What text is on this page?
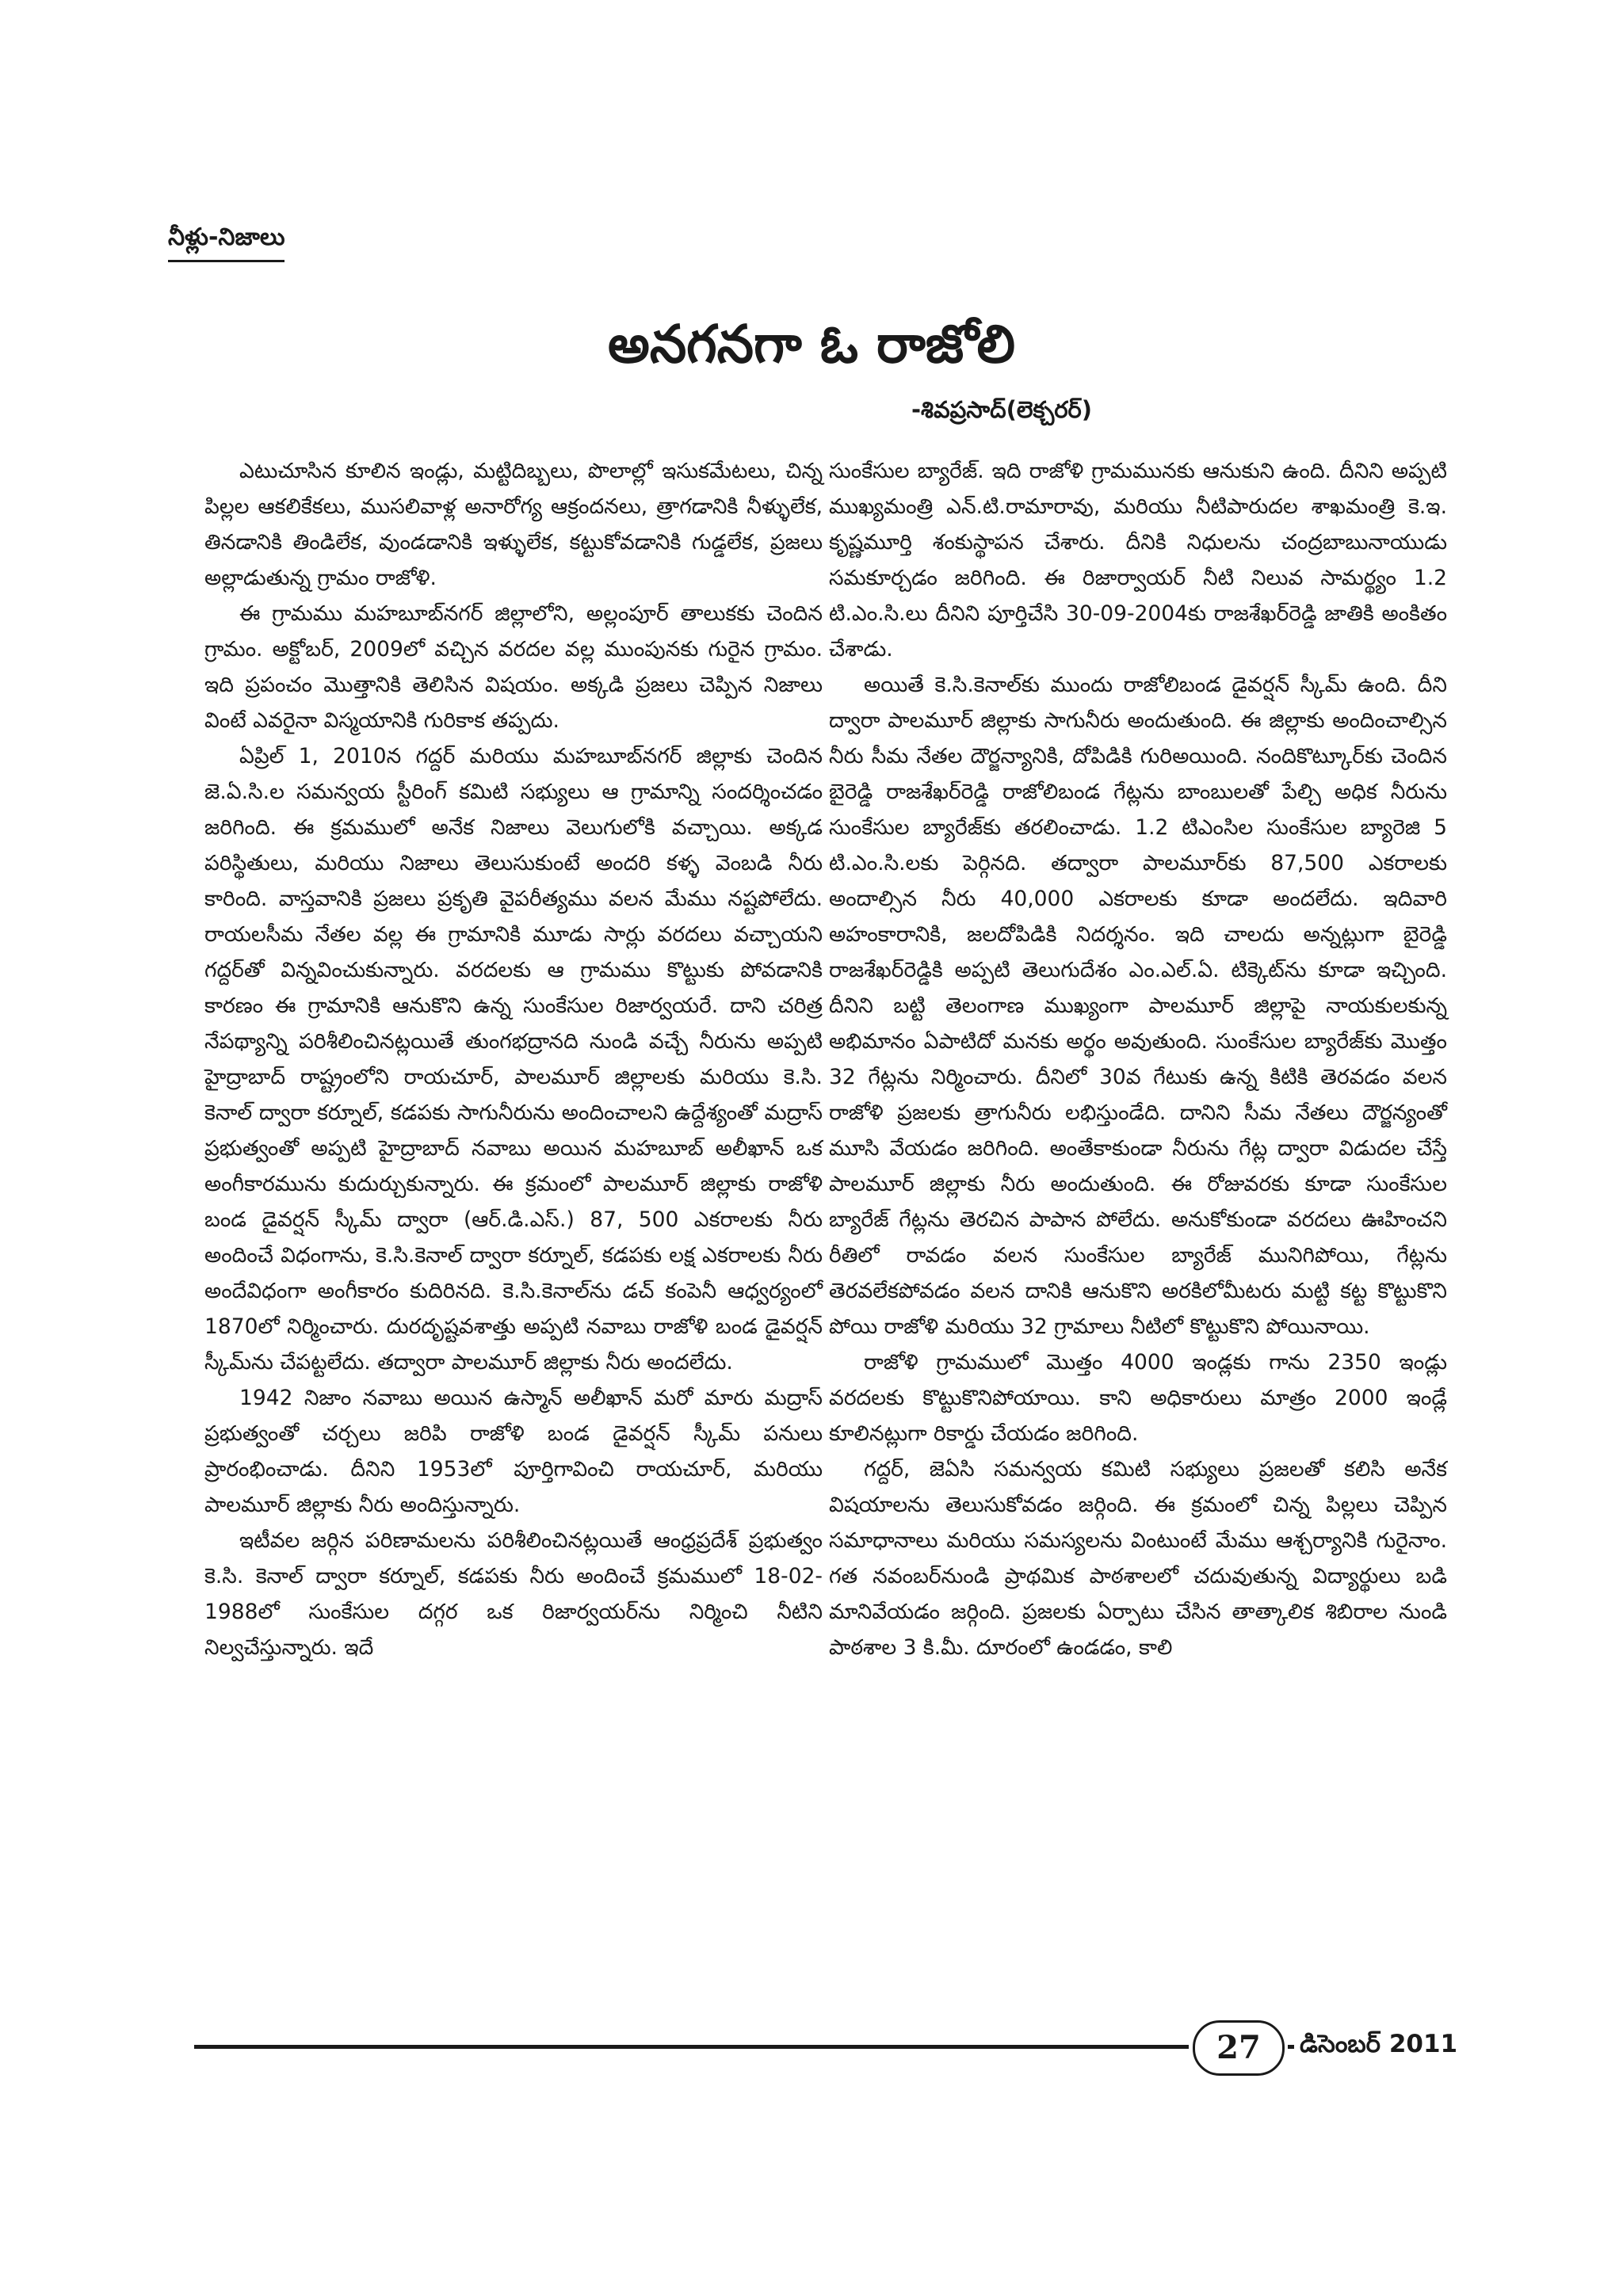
నీళ్లు-నిజాలు
అనగనగా ఓ రాజోలి
-శివప్రసాద్(లెక్చరర్)

ఎటుచూసిన కూలిన ఇండ్లు, మట్టిదిబ్బలు, పొలాల్లో ఇసుకమేటలు, చిన్న పిల్లల ఆకలికేకలు, ముసలివాళ్ల అనారోగ్య ఆక్రందనలు, త్రాగడానికి నీళ్ళులేక, తినడానికి తిండిలేక, వుండడానికి ఇళ్ళులేక, కట్టుకోవడానికి గుడ్డలేక, ప్రజలు అల్లాడుతున్న గ్రామం రాజోళి.

ఈ గ్రామము మహబూబ్‌నగర్ జిల్లాలోని, అల్లంపూర్ తాలుకకు చెందిన గ్రామం. అక్టోబర్, 2009లో వచ్చిన వరదల వల్ల ముంపునకు గురైన గ్రామం. ఇది ప్రపంచం మొత్తానికి తెలిసిన విషయం. అక్కడి ప్రజలు చెప్పిన నిజాలు వింటే ఎవరైనా విస్మయానికి గురికాక తప్పదు.

ఏప్రిల్ 1, 2010న గద్దర్ మరియు మహబూబ్‌నగర్ జిల్లాకు చెందిన జె.ఏ.సి.ల సమన్వయ స్టీరింగ్ కమిటి సభ్యులు ఆ గ్రామాన్ని సందర్శించడం జరిగింది. ఈ క్రమములో అనేక నిజాలు వెలుగులోకి వచ్చాయి. అక్కడ పరిస్థితులు, మరియు నిజాలు తెలుసుకుంటే అందరి కళ్ళ వెంబడి నీరు కారింది. వాస్తవానికి ప్రజలు ప్రకృతి వైపరీత్యము వలన మేము నష్టపోలేదు. రాయలసీమ నేతల వల్ల ఈ గ్రామానికి మూడు సార్లు వరదలు వచ్చాయని గద్దర్‌తో విన్నవించుకున్నారు. వరదలకు ఆ గ్రామము కొట్టుకు పోవడానికి కారణం ఈ గ్రామానికి ఆనుకొని ఉన్న సుంకేసుల రిజార్వయరే. దాని చరిత్ర నేపథ్యాన్ని పరిశీలించినట్లయితే తుంగభద్రానది నుండి వచ్చే నీరును అప్పటి హైద్రాబాద్ రాష్ట్రంలోని రాయచూర్, పాలమూర్ జిల్లాలకు మరియు కె.సి. కెనాల్ ద్వారా కర్నూల్, కడపకు సాగునీరును అందించాలని ఉద్దేశ్యంతో మద్రాస్ ప్రభుత్వంతో అప్పటి హైద్రాబాద్ నవాబు అయిన మహబూబ్ అలీఖాన్ ఒక అంగీకారమును కుదుర్చుకున్నారు. ఈ క్రమంలో పాలమూర్ జిల్లాకు రాజోళి బండ డైవర్షన్ స్కీమ్ ద్వారా (ఆర్.డి.ఎస్.) 87, 500 ఎకరాలకు నీరు అందించే విధంగాను, కె.సి.కెనాల్ ద్వారా కర్నూల్, కడపకు లక్ష ఎకరాలకు నీరు అందేవిధంగా అంగీకారం కుదిరినది. కె.సి.కెనాల్‌ను డచ్ కంపెనీ ఆధ్వర్యంలో 1870లో నిర్మించారు. దురదృష్టవశాత్తు అప్పటి నవాబు రాజోళి బండ డైవర్షన్ స్కీమ్‌ను చేపట్టలేదు. తద్వారా పాలమూర్ జిల్లాకు నీరు అందలేదు.

1942 నిజాం నవాబు అయిన ఉస్మాన్ అలీఖాన్ మరో మారు మద్రాస్ ప్రభుత్వంతో చర్చలు జరిపి రాజోళి బండ డైవర్షన్ స్కీమ్ పనులు ప్రారంభించాడు. దీనిని 1953లో పూర్తిగావించి రాయచూర్, మరియు పాలమూర్ జిల్లాకు నీరు అందిస్తున్నారు.

ఇటీవల జర్గిన పరిణామలను పరిశీలించినట్లయితే ఆంధ్రప్రదేశ్ ప్రభుత్వం కె.సి. కెనాల్ ద్వారా కర్నూల్, కడపకు నీరు అందించే క్రమములో 18-02-1988లో సుంకేసుల దగ్గర ఒక రిజార్వయర్‌ను నిర్మించి నీటిని నిల్వచేస్తున్నారు. ఇదే

సుంకేసుల బ్యారేజ్. ఇది రాజోళి గ్రామమునకు ఆనుకుని ఉంది. దీనిని అప్పటి ముఖ్యమంత్రి ఎన్.టి.రామారావు, మరియు నీటిపారుదల శాఖమంత్రి కె.ఇ. కృష్ణమూర్తి శంకుస్థాపన చేశారు. దీనికి నిధులను చంద్రబాబునాయుడు సమకూర్చడం జరిగింది. ఈ రిజార్వాయర్ నీటి నిలువ సామర్థ్యం 1.2 టి.ఎం.సి.లు దీనిని పూర్తిచేసి 30-09-2004కు రాజశేఖర్‌రెడ్డి జాతికి అంకితం చేశాడు.

అయితే కె.సి.కెనాల్‌కు ముందు రాజోలిబండ డైవర్షన్ స్కీమ్ ఉంది. దీని ద్వారా పాలమూర్ జిల్లాకు సాగునీరు అందుతుంది. ఈ జిల్లాకు అందించాల్సిన నీరు సీమ నేతల దౌర్జన్యానికి, దోపిడికి గురిఅయింది. నందికొట్కూర్‌కు చెందిన బైరెడ్డి రాజశేఖర్‌రెడ్డి రాజోలిబండ గేట్లను బాంబులతో పేల్చి అధిక నీరును సుంకేసుల బ్యారేజ్‌కు తరలించాడు. 1.2 టిఎంసిల సుంకేసుల బ్యారెజి 5 టి.ఎం.సి.లకు పెర్గినది. తద్వారా పాలమూర్‌కు 87,500 ఎకరాలకు అందాల్సిన నీరు 40,000 ఎకరాలకు కూడా అందలేదు. ఇదివారి అహంకారానికి, జలదోపిడికి నిదర్శనం. ఇది చాలదు అన్నట్లుగా బైరెడ్డి రాజశేఖర్‌రెడ్డికి అప్పటి తెలుగుదేశం ఎం.ఎల్.ఏ. టిక్కెట్‌ను కూడా ఇచ్చింది. దీనిని బట్టి తెలంగాణ ముఖ్యంగా పాలమూర్ జిల్లాపై నాయకులకున్న అభిమానం ఏపాటిదో మనకు అర్థం అవుతుంది. సుంకేసుల బ్యారేజ్‌కు మొత్తం 32 గేట్లను నిర్మించారు. దీనిలో 30వ గేటుకు ఉన్న కిటికి తెరవడం వలన రాజోళి ప్రజలకు త్రాగునీరు లభిస్తుండేది. దానిని సీమ నేతలు దౌర్జన్యంతో మూసి వేయడం జరిగింది. అంతేకాకుండా నీరును గేట్ల ద్వారా విడుదల చేస్తే పాలమూర్ జిల్లాకు నీరు అందుతుంది. ఈ రోజువరకు కూడా సుంకేసుల బ్యారేజ్ గేట్లను తెరచిన పాపాన పోలేదు. అనుకోకుండా వరదలు ఊహించని రీతిలో రావడం వలన సుంకేసుల బ్యారేజ్ మునిగిపోయి, గేట్లను తెరవలేకపోవడం వలన దానికి ఆనుకొని అరకిలోమీటరు మట్టి కట్ట కొట్టుకొని పోయి రాజోళి మరియు 32 గ్రామాలు నీటిలో కొట్టుకొని పోయినాయి.

రాజోళి గ్రామములో మొత్తం 4000 ఇండ్లకు గాను 2350 ఇండ్లు వరదలకు కొట్టుకొనిపోయాయి. కాని అధికారులు మాత్రం 2000 ఇండ్లే కూలినట్లుగా రికార్డు చేయడం జరిగింది.

గద్దర్, జెఏసి సమన్వయ కమిటి సభ్యులు ప్రజలతో కలిసి అనేక విషయాలను తెలుసుకోవడం జర్గింది. ఈ క్రమంలో చిన్న పిల్లలు చెప్పిన సమాధానాలు మరియు సమస్యలను వింటుంటే మేము ఆశ్చర్యానికి గురైనాం. గత నవంబర్‌నుండి ప్రాథమిక పాఠశాలలో చదువుతున్న విద్యార్థులు బడి మానివేయడం జర్గింది. ప్రజలకు ఏర్పాటు చేసిన తాత్కాలిక శిబిరాల నుండి పాఠశాల 3 కి.మీ. దూరంలో ఉండడం, కాలి

27	డిసెంబర్ 2011
